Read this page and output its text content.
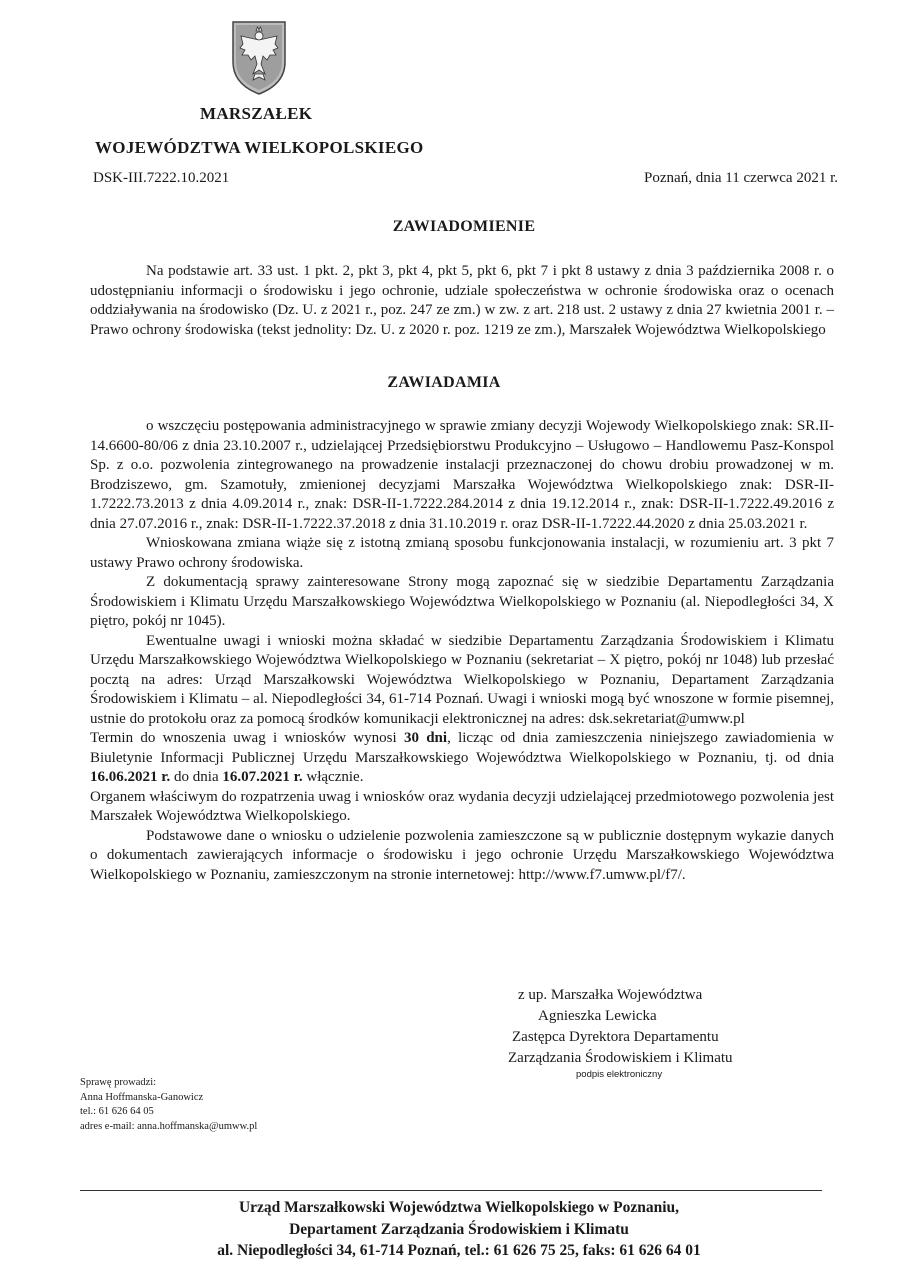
MARSZAŁEK
WOJEWÓDZTWA WIELKOPOLSKIEGO
DSK-III.7222.10.2021	Poznań, dnia 11 czerwca 2021 r.
ZAWIADOMIENIE

Na podstawie art. 33 ust. 1 pkt. 2, pkt 3, pkt 4, pkt 5, pkt 6, pkt 7 i pkt 8 ustawy z dnia 3 października 2008 r. o udostępnianiu informacji o środowisku i jego ochronie, udziale społeczeństwa w ochronie środowiska oraz o ocenach oddziaływania na środowisko (Dz. U. z 2021 r., poz. 247 ze zm.) w zw. z art. 218 ust. 2 ustawy z dnia 27 kwietnia 2001 r. – Prawo ochrony środowiska (tekst jednolity: Dz. U. z 2020 r. poz. 1219 ze zm.), Marszałek Województwa Wielkopolskiego

ZAWIADAMIA

o wszczęciu postępowania administracyjnego w sprawie zmiany decyzji Wojewody Wielkopolskiego znak: SR.II-14.6600-80/06 z dnia 23.10.2007 r., udzielającej Przedsiębiorstwu Produkcyjno – Usługowo – Handlowemu Pasz-Konspol Sp. z o.o. pozwolenia zintegrowanego na prowadzenie instalacji przeznaczonej do chowu drobiu prowadzonej w m. Brodziszewo, gm. Szamotuły, zmienionej decyzjami Marszałka Województwa Wielkopolskiego znak: DSR-II-1.7222.73.2013 z dnia 4.09.2014 r., znak: DSR-II-1.7222.284.2014 z dnia 19.12.2014 r., znak: DSR-II-1.7222.49.2016 z dnia 27.07.2016 r., znak: DSR-II-1.7222.37.2018 z dnia 31.10.2019 r. oraz DSR-II-1.7222.44.2020 z dnia 25.03.2021 r.

Wnioskowana zmiana wiąże się z istotną zmianą sposobu funkcjonowania instalacji, w rozumieniu art. 3 pkt 7 ustawy Prawo ochrony środowiska.

Z dokumentacją sprawy zainteresowane Strony mogą zapoznać się w siedzibie Departamentu Zarządzania Środowiskiem i Klimatu Urzędu Marszałkowskiego Województwa Wielkopolskiego w Poznaniu (al. Niepodległości 34, X piętro, pokój nr 1045).

Ewentualne uwagi i wnioski można składać w siedzibie Departamentu Zarządzania Środowiskiem i Klimatu Urzędu Marszałkowskiego Województwa Wielkopolskiego w Poznaniu (sekretariat – X piętro, pokój nr 1048) lub przesłać pocztą na adres: Urząd Marszałkowski Województwa Wielkopolskiego w Poznaniu, Departament Zarządzania Środowiskiem i Klimatu – al. Niepodległości 34, 61-714 Poznań. Uwagi i wnioski mogą być wnoszone w formie pisemnej, ustnie do protokołu oraz za pomocą środków komunikacji elektronicznej na adres: dsk.sekretariat@umww.pl

Termin do wnoszenia uwag i wniosków wynosi 30 dni, licząc od dnia zamieszczenia niniejszego zawiadomienia w Biuletynie Informacji Publicznej Urzędu Marszałkowskiego Województwa Wielkopolskiego w Poznaniu, tj. od dnia 16.06.2021 r. do dnia 16.07.2021 r. włącznie.

Organem właściwym do rozpatrzenia uwag i wniosków oraz wydania decyzji udzielającej przedmiotowego pozwolenia jest Marszałek Województwa Wielkopolskiego.

Podstawowe dane o wniosku o udzielenie pozwolenia zamieszczone są w publicznie dostępnym wykazie danych o dokumentach zawierających informacje o środowisku i jego ochronie Urzędu Marszałkowskiego Województwa Wielkopolskiego w Poznaniu, zamieszczonym na stronie internetowej: http://www.f7.umww.pl/f7/.

z up. Marszałka Województwa
Agnieszka Lewicka
Zastępca Dyrektora Departamentu
Zarządzania Środowiskiem i Klimatu
podpis elektroniczny
Sprawę prowadzi:
Anna Hoffmanska-Ganowicz
tel.: 61 626 64 05
adres e-mail: anna.hoffmanska@umww.pl
Urząd Marszałkowski Województwa Wielkopolskiego w Poznaniu,
Departament Zarządzania Środowiskiem i Klimatu
al. Niepodległości 34, 61-714 Poznań, tel.: 61 626 75 25, faks: 61 626 64 01
